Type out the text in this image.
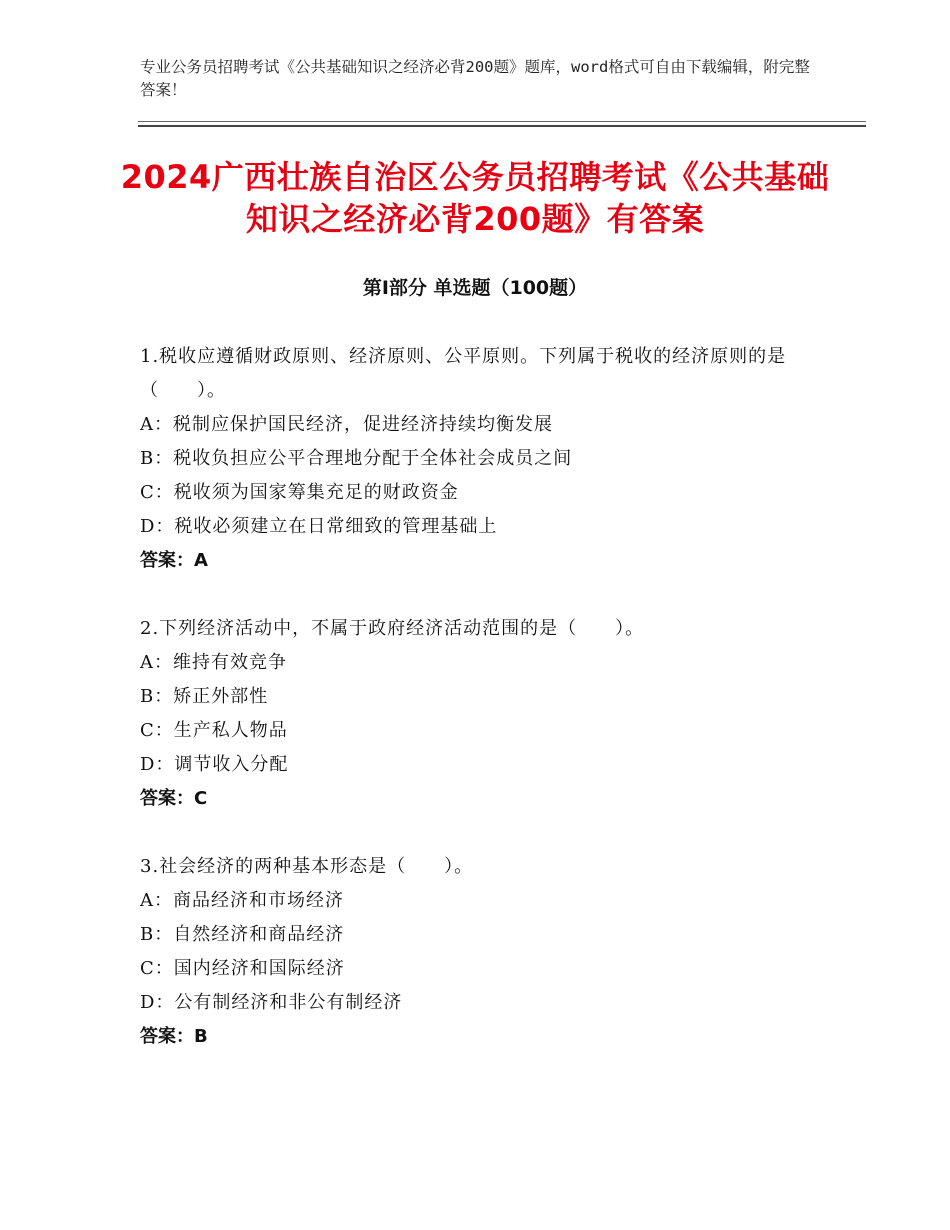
专业公务员招聘考试《公共基础知识之经济必背200题》题库，word格式可自由下载编辑，附完整答案！
2024广西壮族自治区公务员招聘考试《公共基础知识之经济必背200题》有答案
第Ⅰ部分 单选题（100题）
1.税收应遵循财政原则、经济原则、公平原则。下列属于税收的经济原则的是（　　）。
A：税制应保护国民经济，促进经济持续均衡发展
B：税收负担应公平合理地分配于全体社会成员之间
C：税收须为国家筹集充足的财政资金
D：税收必须建立在日常细致的管理基础上
答案：A
2.下列经济活动中，不属于政府经济活动范围的是（　　）。
A：维持有效竞争
B：矫正外部性
C：生产私人物品
D：调节收入分配
答案：C
3.社会经济的两种基本形态是（　　）。
A：商品经济和市场经济
B：自然经济和商品经济
C：国内经济和国际经济
D：公有制经济和非公有制经济
答案：B
